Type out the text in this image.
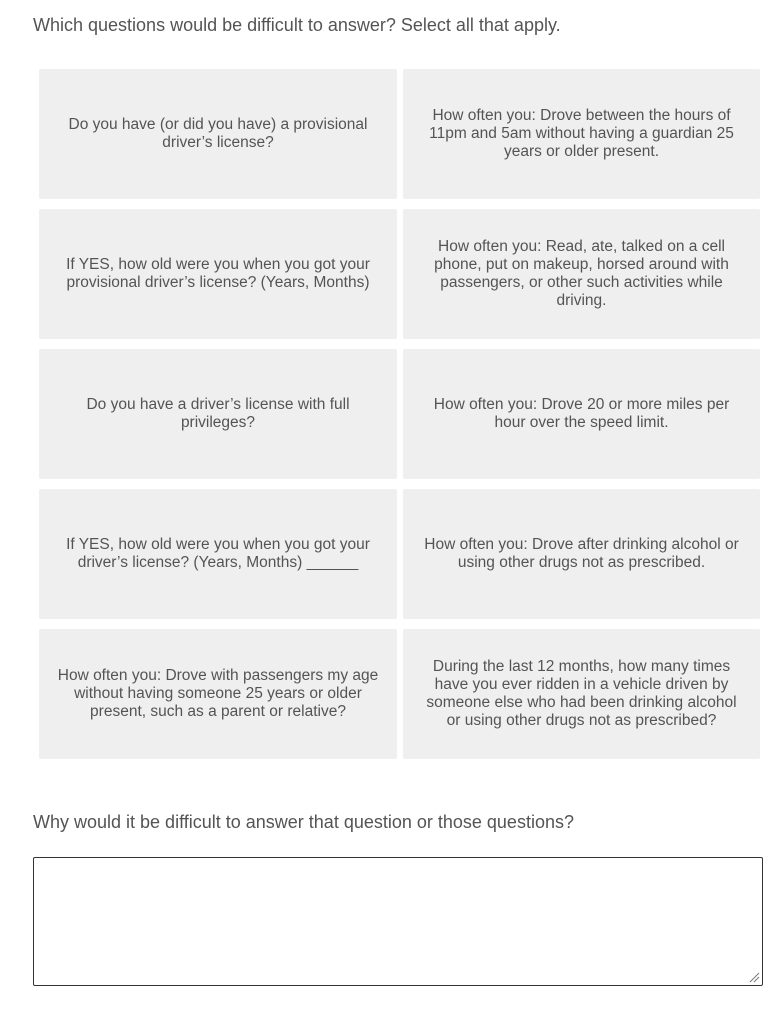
Which questions would be difficult to answer? Select all that apply.
Do you have (or did you have) a provisional driver’s license?
How often you: Drove between the hours of 11pm and 5am without having a guardian 25 years or older present.
If YES, how old were you when you got your provisional driver’s license? (Years, Months)
How often you: Read, ate, talked on a cell phone, put on makeup, horsed around with passengers, or other such activities while driving.
Do you have a driver’s license with full privileges?
How often you: Drove 20 or more miles per hour over the speed limit.
If YES, how old were you when you got your driver’s license? (Years, Months) ______
How often you: Drove after drinking alcohol or using other drugs not as prescribed.
How often you: Drove with passengers my age without having someone 25 years or older present, such as a parent or relative?
During the last 12 months, how many times have you ever ridden in a vehicle driven by someone else who had been drinking alcohol or using other drugs not as prescribed?
Why would it be difficult to answer that question or those questions?
